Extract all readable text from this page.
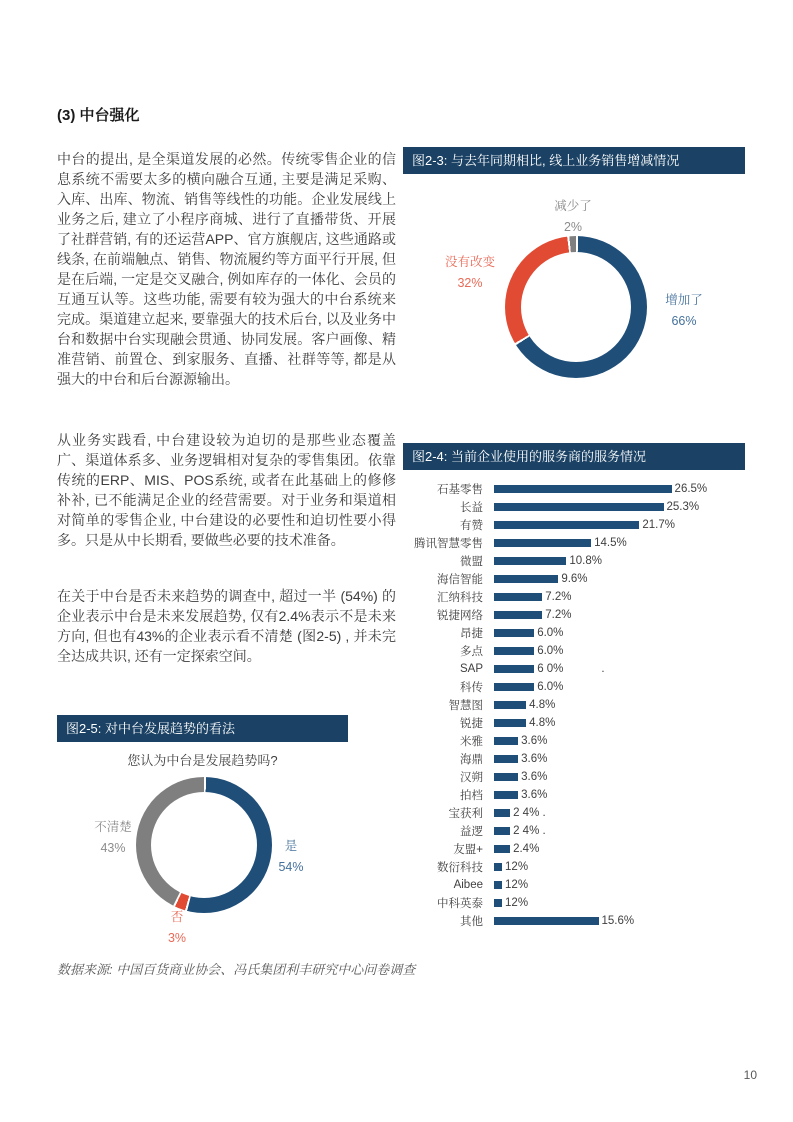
(3) 中台强化

中台的提出, 是全渠道发展的必然。传统零售企业的信息系统不需要太多的横向融合互通, 主要是满足采购、入库、出库、物流、销售等线性的功能。企业发展线上业务之后, 建立了小程序商城、进行了直播带货、开展了社群营销, 有的还运营APP、官方旗舰店, 这些通路或线条, 在前端触点、销售、物流履约等方面平行开展, 但是在后端, 一定是交叉融合, 例如库存的一体化、会员的互通互认等。这些功能, 需要有较为强大的中台系统来完成。渠道建立起来, 要靠强大的技术后台, 以及业务中台和数据中台实现融会贯通、协同发展。客户画像、精准营销、前置仓、到家服务、直播、社群等等, 都是从强大的中台和后台源源输出。

从业务实践看, 中台建设较为迫切的是那些业态覆盖广、渠道体系多、业务逻辑相对复杂的零售集团。依靠传统的ERP、MIS、POS系统, 或者在此基础上的修修补补, 已不能满足企业的经营需要。对于业务和渠道相对简单的零售企业, 中台建设的必要性和迫切性要小得多。只是从中长期看, 要做些必要的技术准备。

在关于中台是否未来趋势的调查中, 超过一半 (54%) 的企业表示中台是未来发展趋势, 仅有2.4%表示不是未来方向, 但也有43%的企业表示看不清楚 (图2-5) , 并未完全达成共识, 还有一定探索空间。

图2-3: 与去年同期相比, 线上业务销售增减情况
减少了
2%
没有改变
32%
增加了
66%
图2-4: 当前企业使用的服务商的服务情况
石基零售	26.5%
长益	25.3%
有赞	21.7%
腾讯智慧零售	14.5%
微盟	10.8%
海信智能	9.6%
汇纳科技	7.2%
锐捷网络	7.2%
昂捷	6.0%
多点	6.0%
SAP	6 0%	.
科传	6.0%
智慧图	4.8%
锐捷	4.8%
米雅	3.6%
海鼎	3.6%
汉朔	3.6%
拍档	3.6%
宝获利	2 4% .
益逻	2 4% .
友盟+	2.4%
数衍科技 12%
Aibee 12%
中科英泰 12%
其他	15.6%
图2-5: 对中台发展趋势的看法
您认为中台是发展趋势吗?
不清楚
43%	是
54%
否
3%
数据来源: 中国百货商业协会、冯氏集团利丰研究中心问卷调查
10
